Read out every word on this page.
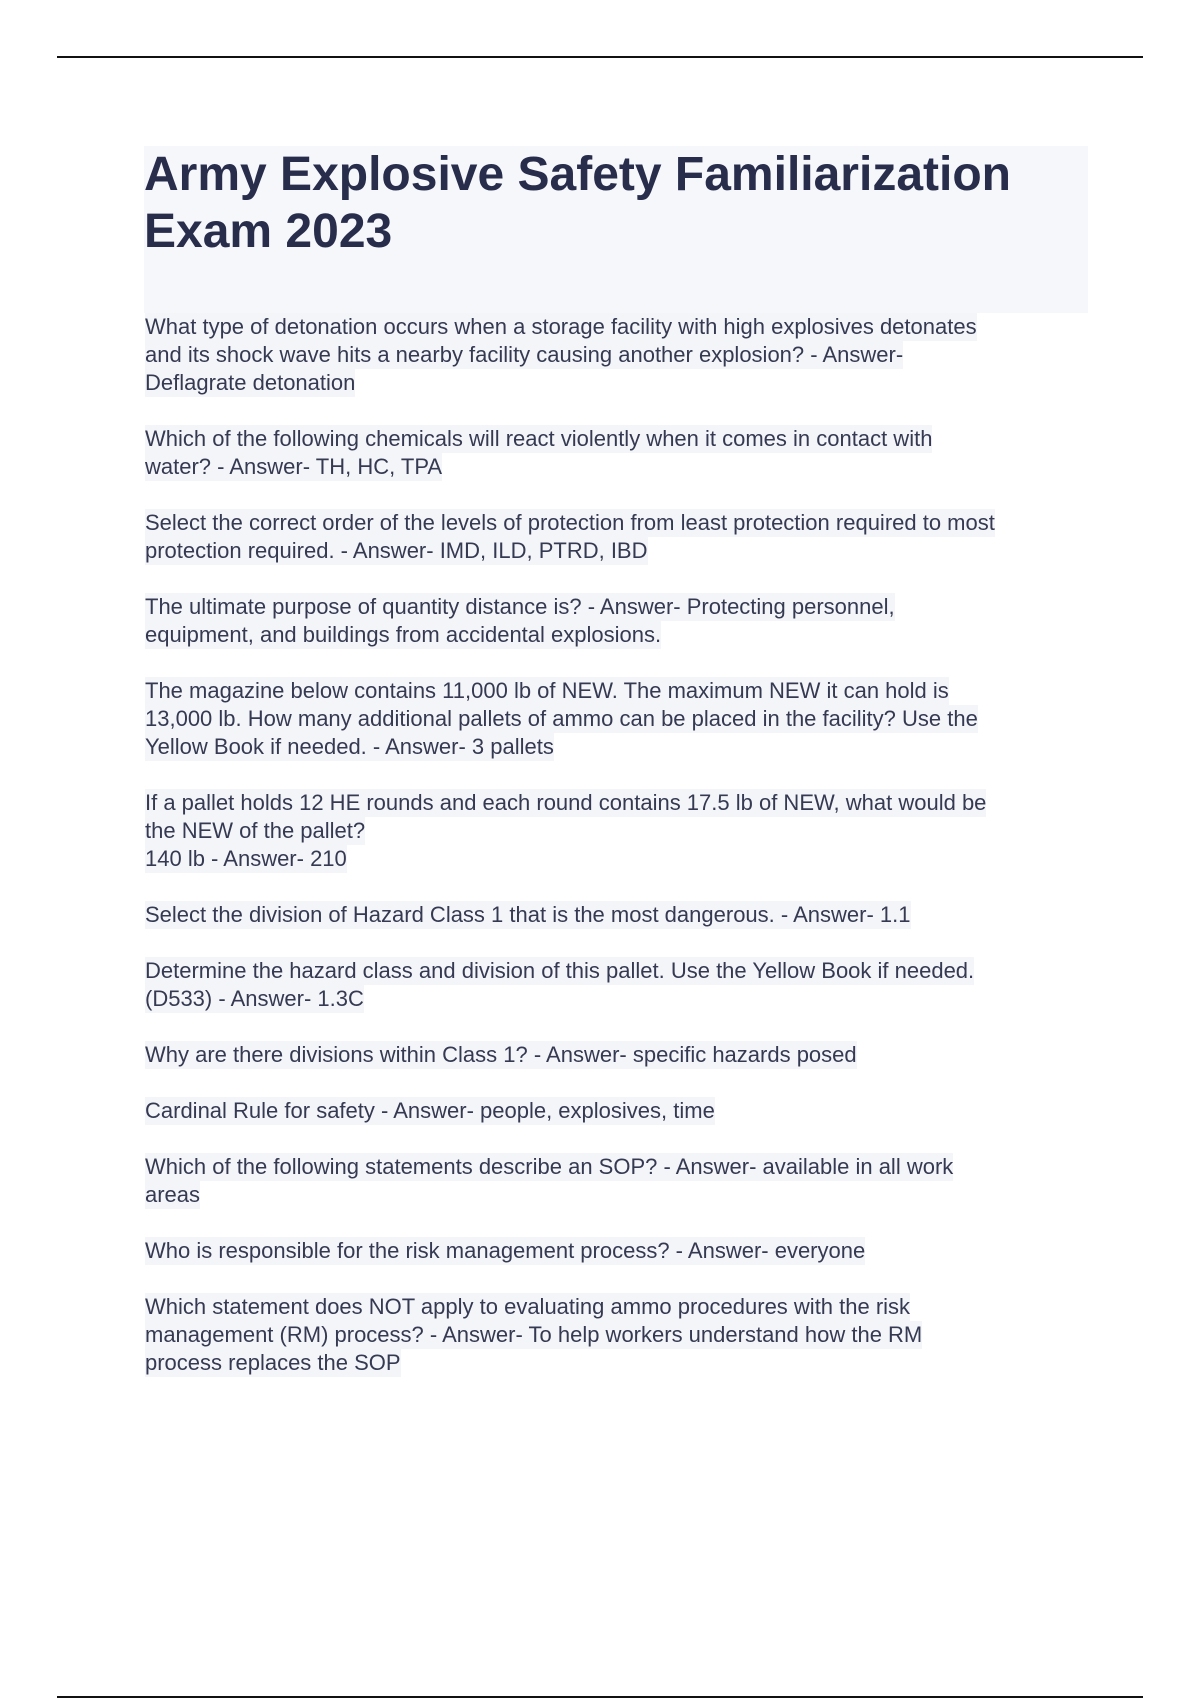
Army Explosive Safety Familiarization
Exam 2023

What type of detonation occurs when a storage facility with high explosives detonates
and its shock wave hits a nearby facility causing another explosion? - Answer-
Deflagrate detonation

Which of the following chemicals will react violently when it comes in contact with
water? - Answer- TH, HC, TPA

Select the correct order of the levels of protection from least protection required to most
protection required. - Answer- IMD, ILD, PTRD, IBD

The ultimate purpose of quantity distance is? - Answer- Protecting personnel,
equipment, and buildings from accidental explosions.

The magazine below contains 11,000 lb of NEW. The maximum NEW it can hold is
13,000 lb. How many additional pallets of ammo can be placed in the facility? Use the
Yellow Book if needed. - Answer- 3 pallets

If a pallet holds 12 HE rounds and each round contains 17.5 lb of NEW, what would be
the NEW of the pallet?
140 lb - Answer- 210

Select the division of Hazard Class 1 that is the most dangerous. - Answer- 1.1

Determine the hazard class and division of this pallet. Use the Yellow Book if needed.
(D533) - Answer- 1.3C

Why are there divisions within Class 1? - Answer- specific hazards posed

Cardinal Rule for safety - Answer- people, explosives, time

Which of the following statements describe an SOP? - Answer- available in all work
areas

Who is responsible for the risk management process? - Answer- everyone

Which statement does NOT apply to evaluating ammo procedures with the risk
management (RM) process? - Answer- To help workers understand how the RM
process replaces the SOP
